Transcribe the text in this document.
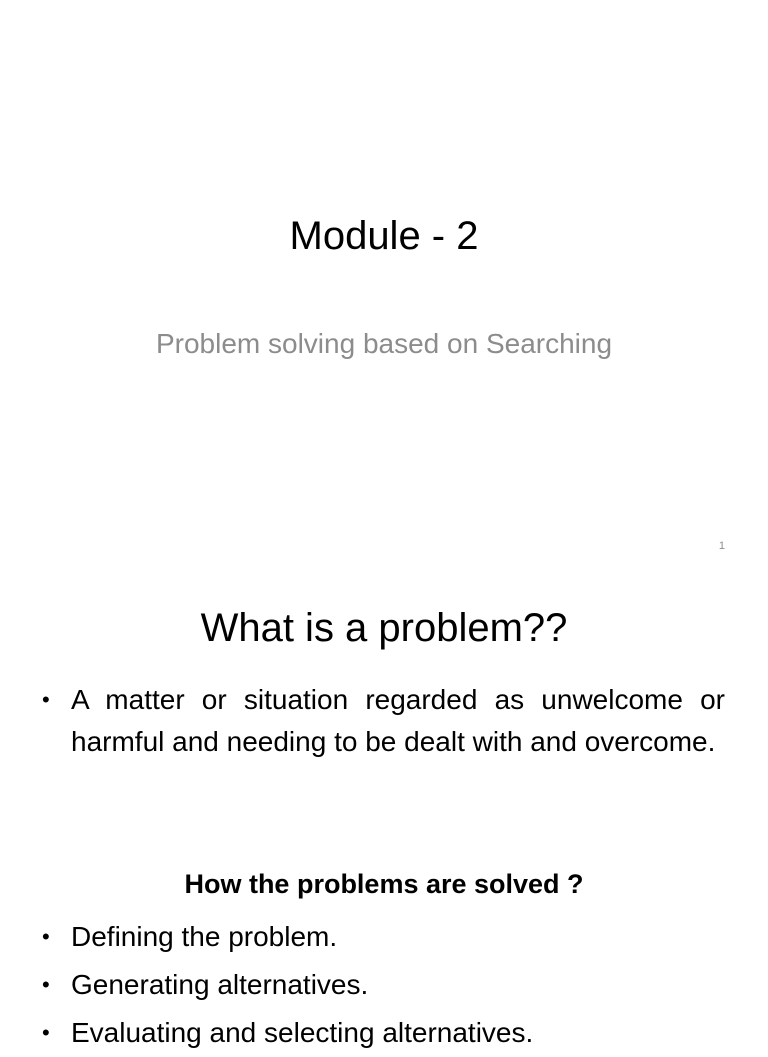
Module - 2
Problem solving based on Searching
1
What is a problem??
• A matter or situation regarded as unwelcome or harmful and needing to be dealt with and overcome.
How the problems are solved ?
• Defining the problem.
• Generating alternatives.
• Evaluating and selecting alternatives.
